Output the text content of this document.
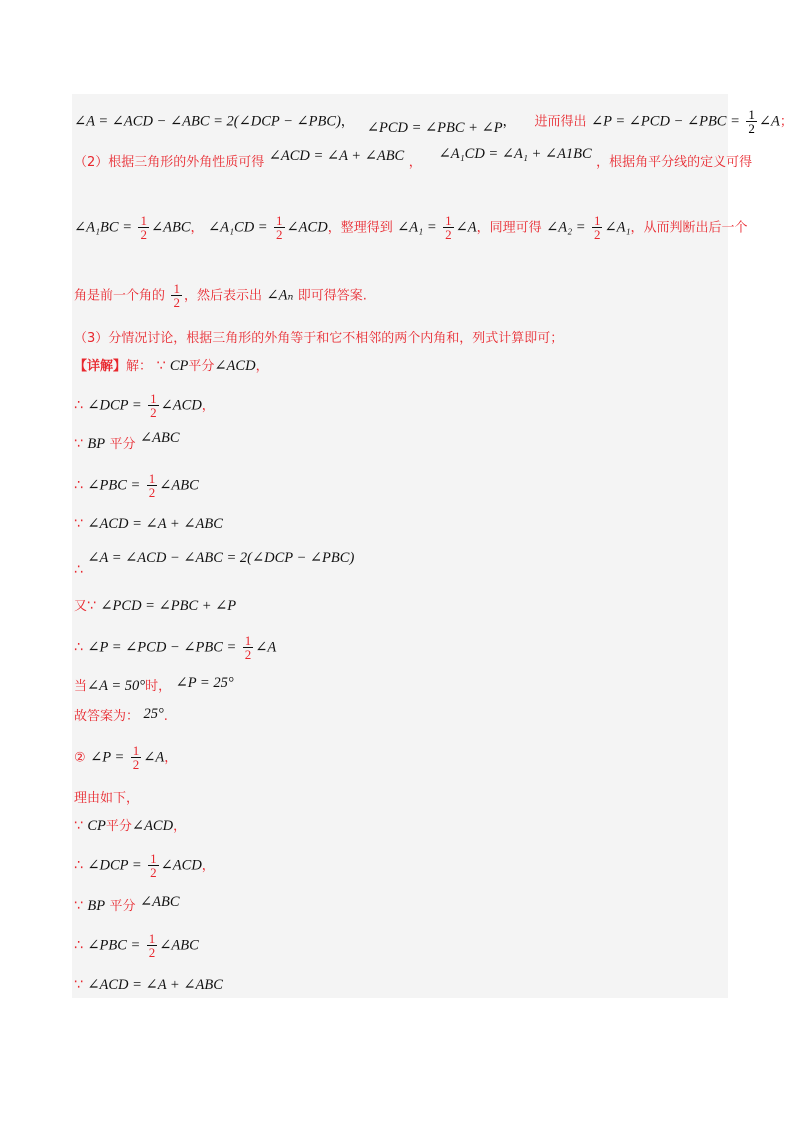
∠A = ∠ACD − ∠ABC = 2(∠DCP − ∠PBC)， ∠PCD = ∠PBC + ∠P， 进而得出 ∠P = ∠PCD − ∠PBC = $\frac{1}{2}$ ∠A；
（2）根据三角形的外角性质可得 ∠ACD = ∠A + ∠ABC ，  ∠A₁CD = ∠A₁ + ∠A1BC ，根据角平分线的定义可得
∠A₁BC = $\frac{1}{2}$ ∠ABC， ∠A₁CD = $\frac{1}{2}$ ∠ACD，整理得到 ∠A₁ = $\frac{1}{2}$ ∠A，同理可得 ∠A₂ = $\frac{1}{2}$ ∠A₁，从而判断出后一个
角是前一个角的 $\frac{1}{2}$ ，然后表示出 ∠Aₙ 即可得答案.
（3）分情况讨论，根据三角形的外角等于和它不相邻的两个内角和，列式计算即可；
【详解】解： ∵ CP平分∠ACD，
∴ ∠DCP = $\frac{1}{2}$ ∠ACD，
∵ BP 平分 ∠ABC
∴ ∠PBC = $\frac{1}{2}$ ∠ABC
∵ ∠ACD = ∠A + ∠ABC
∴ ∠A = ∠ACD − ∠ABC = 2(∠DCP − ∠PBC)
又∵ ∠PCD = ∠PBC + ∠P
∴ ∠P = ∠PCD − ∠PBC = $\frac{1}{2}$ ∠A
当∠A = 50°时， ∠P = 25°
故答案为： 25°.
② ∠P = $\frac{1}{2}$ ∠A，
理由如下，
∵ CP平分∠ACD，
∴ ∠DCP = $\frac{1}{2}$ ∠ACD，
∵ BP 平分 ∠ABC
∴ ∠PBC = $\frac{1}{2}$ ∠ABC
∵ ∠ACD = ∠A + ∠ABC
